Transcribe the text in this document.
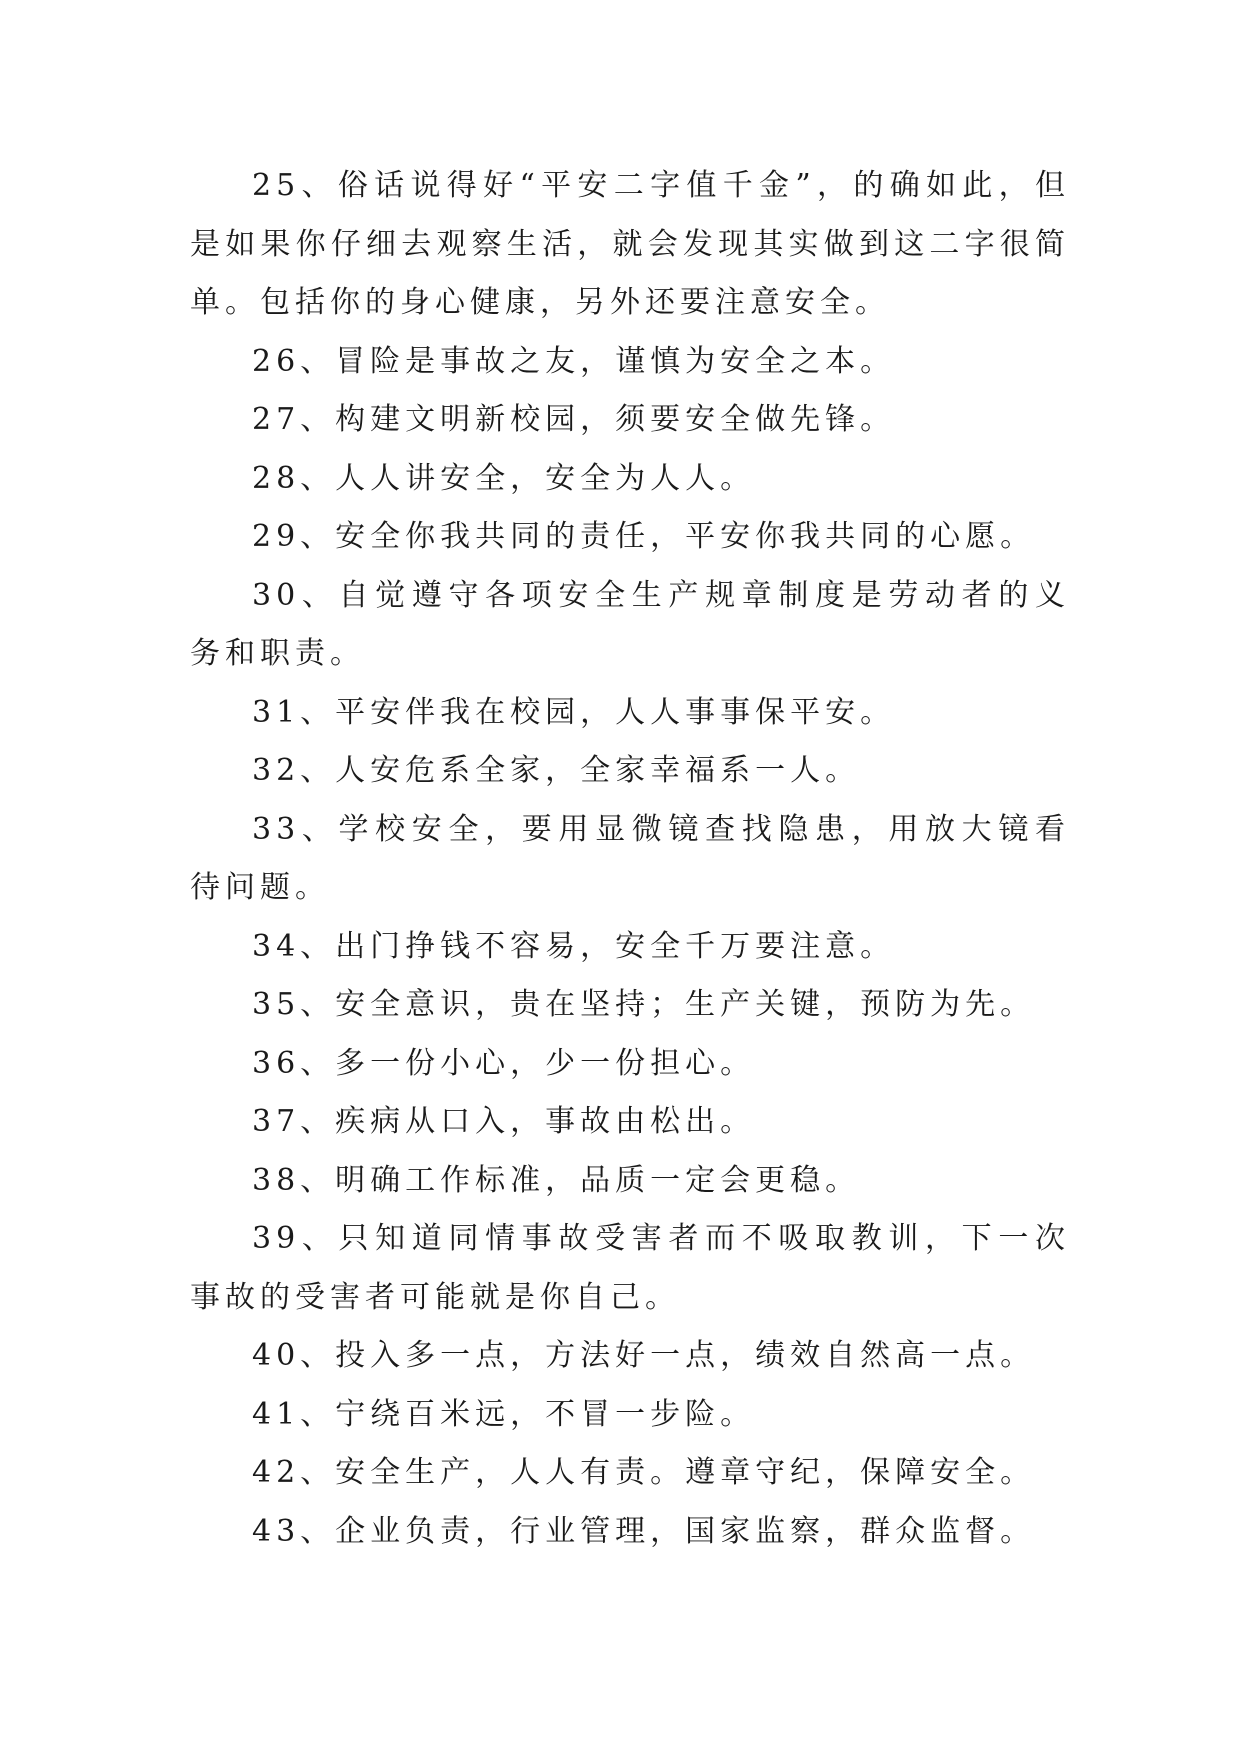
25、俗话说得好“平安二字值千金”，的确如此，但是如果你仔细去观察生活，就会发现其实做到这二字很简单。包括你的身心健康，另外还要注意安全。

26、冒险是事故之友，谨慎为安全之本。

27、构建文明新校园，须要安全做先锋。

28、人人讲安全，安全为人人。

29、安全你我共同的责任，平安你我共同的心愿。

30、自觉遵守各项安全生产规章制度是劳动者的义务和职责。

31、平安伴我在校园，人人事事保平安。

32、人安危系全家，全家幸福系一人。

33、学校安全，要用显微镜查找隐患，用放大镜看待问题。

34、出门挣钱不容易，安全千万要注意。

35、安全意识，贵在坚持；生产关键，预防为先。

36、多一份小心，少一份担心。

37、疾病从口入，事故由松出。

38、明确工作标准，品质一定会更稳。

39、只知道同情事故受害者而不吸取教训，下一次事故的受害者可能就是你自己。

40、投入多一点，方法好一点，绩效自然高一点。

41、宁绕百米远，不冒一步险。

42、安全生产，人人有责。遵章守纪，保障安全。

43、企业负责，行业管理，国家监察，群众监督。
